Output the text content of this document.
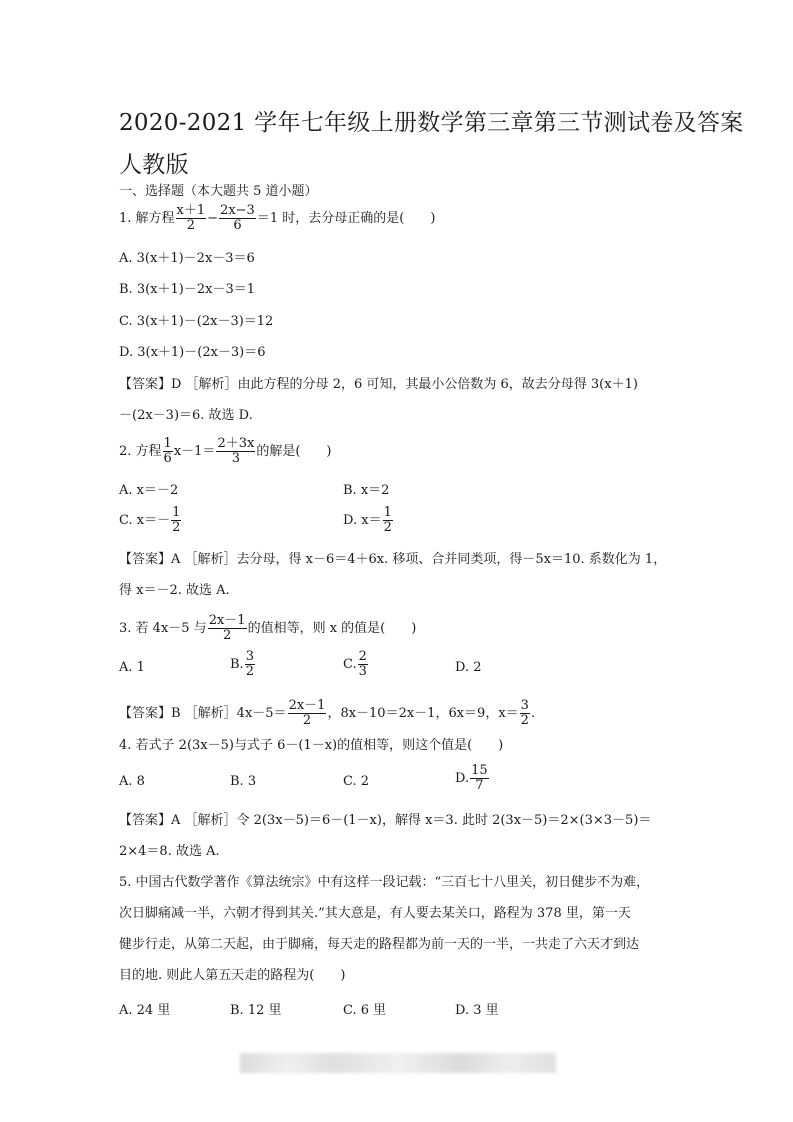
2020-2021 学年七年级上册数学第三章第三节测试卷及答案
人教版
一、选择题（本大题共 5 道小题）
1. 解方程 $\frac{x+1}{2} - \frac{2x-3}{6} =1$ 时，去分母正确的是(　　)
A. 3(x＋1)－2x－3＝6
B. 3(x＋1)－2x－3＝1
C. 3(x＋1)－(2x－3)＝12
D. 3(x＋1)－(2x－3)＝6
【答案】D ［解析］由此方程的分母 2，6 可知，其最小公倍数为 6，故去分母得 3(x＋1)
－(2x－3)＝6. 故选 D.
2. 方程 $\frac{1}{6} x-1= \frac{2+3x}{3}$ 的解是(　　)
A. x＝－2	B. x＝2
C. $x=- \frac{1}{2}$	D. $x= \frac{1}{2}$
【答案】A ［解析］去分母，得 x－6＝4＋6x. 移项、合并同类项，得－5x＝10. 系数化为 1，
得 x＝－2. 故选 A.
3. 若 4x－5 与 $\frac{2x-1}{2}$ 的值相等，则 x 的值是(　　)
A. 1	B. $\frac{3}{2}$	C. $\frac{2}{3}$	D. 2
【答案】B ［解析］4x－5＝ $\frac{2x-1}{2}$ ，8x－10＝2x－1，6x＝9，$x= \frac{3}{2}$ .
4. 若式子 2(3x－5)与式子 6－(1－x)的值相等，则这个值是(　　)
A. 8	B. 3	C. 2	D. $\frac{15}{7}$
【答案】A ［解析］令 2(3x－5)＝6－(1－x)，解得 x＝3. 此时 2(3x－5)＝2×(3×3－5)＝
2×4＝8. 故选 A.
5. 中国古代数学著作《算法统宗》中有这样一段记载：“三百七十八里关，初日健步不为难，
次日脚痛减一半，六朝才得到其关.”其大意是，有人要去某关口，路程为 378 里，第一天
健步行走，从第二天起，由于脚痛，每天走的路程都为前一天的一半，一共走了六天才到达
目的地. 则此人第五天走的路程为(　　)
A. 24 里	B. 12 里	C. 6 里	D. 3 里
